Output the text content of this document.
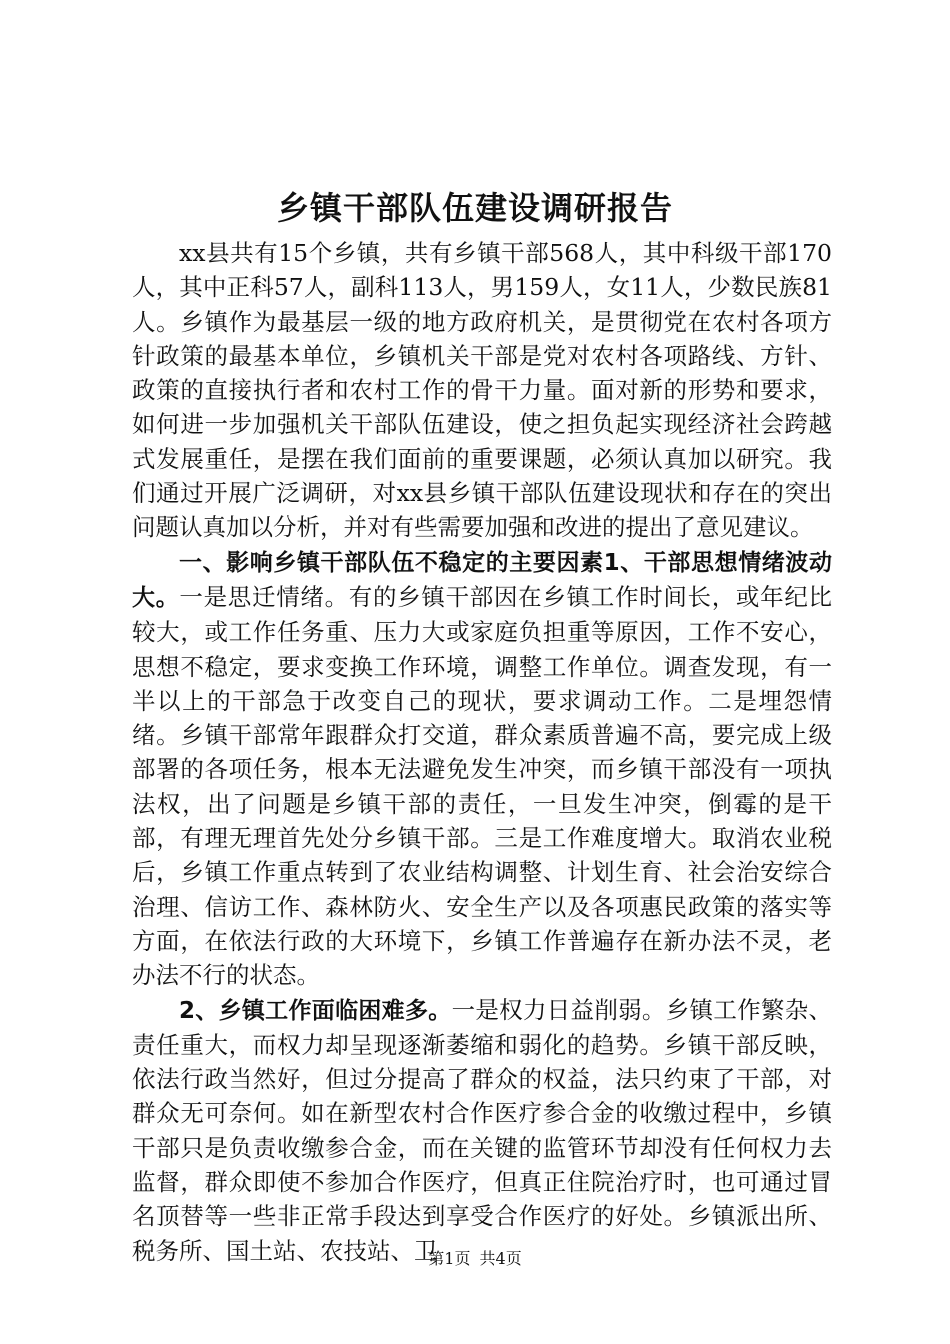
乡镇干部队伍建设调研报告

xx县共有15个乡镇，共有乡镇干部568人，其中科级干部170人，其中正科57人，副科113人，男159人，女11人，少数民族81人。乡镇作为最基层一级的地方政府机关，是贯彻党在农村各项方针政策的最基本单位，乡镇机关干部是党对农村各项路线、方针、政策的直接执行者和农村工作的骨干力量。面对新的形势和要求，如何进一步加强机关干部队伍建设，使之担负起实现经济社会跨越式发展重任，是摆在我们面前的重要课题，必须认真加以研究。我们通过开展广泛调研，对xx县乡镇干部队伍建设现状和存在的突出问题认真加以分析，并对有些需要加强和改进的提出了意见建议。

一、影响乡镇干部队伍不稳定的主要因素1、干部思想情绪波动大。一是思迁情绪。有的乡镇干部因在乡镇工作时间长，或年纪比较大，或工作任务重、压力大或家庭负担重等原因，工作不安心，思想不稳定，要求变换工作环境，调整工作单位。调查发现，有一半以上的干部急于改变自己的现状，要求调动工作。二是埋怨情绪。乡镇干部常年跟群众打交道，群众素质普遍不高，要完成上级部署的各项任务，根本无法避免发生冲突，而乡镇干部没有一项执法权，出了问题是乡镇干部的责任，一旦发生冲突，倒霉的是干部，有理无理首先处分乡镇干部。三是工作难度增大。取消农业税后，乡镇工作重点转到了农业结构调整、计划生育、社会治安综合治理、信访工作、森林防火、安全生产以及各项惠民政策的落实等方面，在依法行政的大环境下，乡镇工作普遍存在新办法不灵，老办法不行的状态。

2、乡镇工作面临困难多。一是权力日益削弱。乡镇工作繁杂、责任重大，而权力却呈现逐渐萎缩和弱化的趋势。乡镇干部反映，依法行政当然好，但过分提高了群众的权益，法只约束了干部，对群众无可奈何。如在新型农村合作医疗参合金的收缴过程中，乡镇干部只是负责收缴参合金，而在关键的监管环节却没有任何权力去监督，群众即使不参加合作医疗，但真正住院治疗时，也可通过冒名顶替等一些非正常手段达到享受合作医疗的好处。乡镇派出所、税务所、国土站、农技站、卫

第1页 共4页
